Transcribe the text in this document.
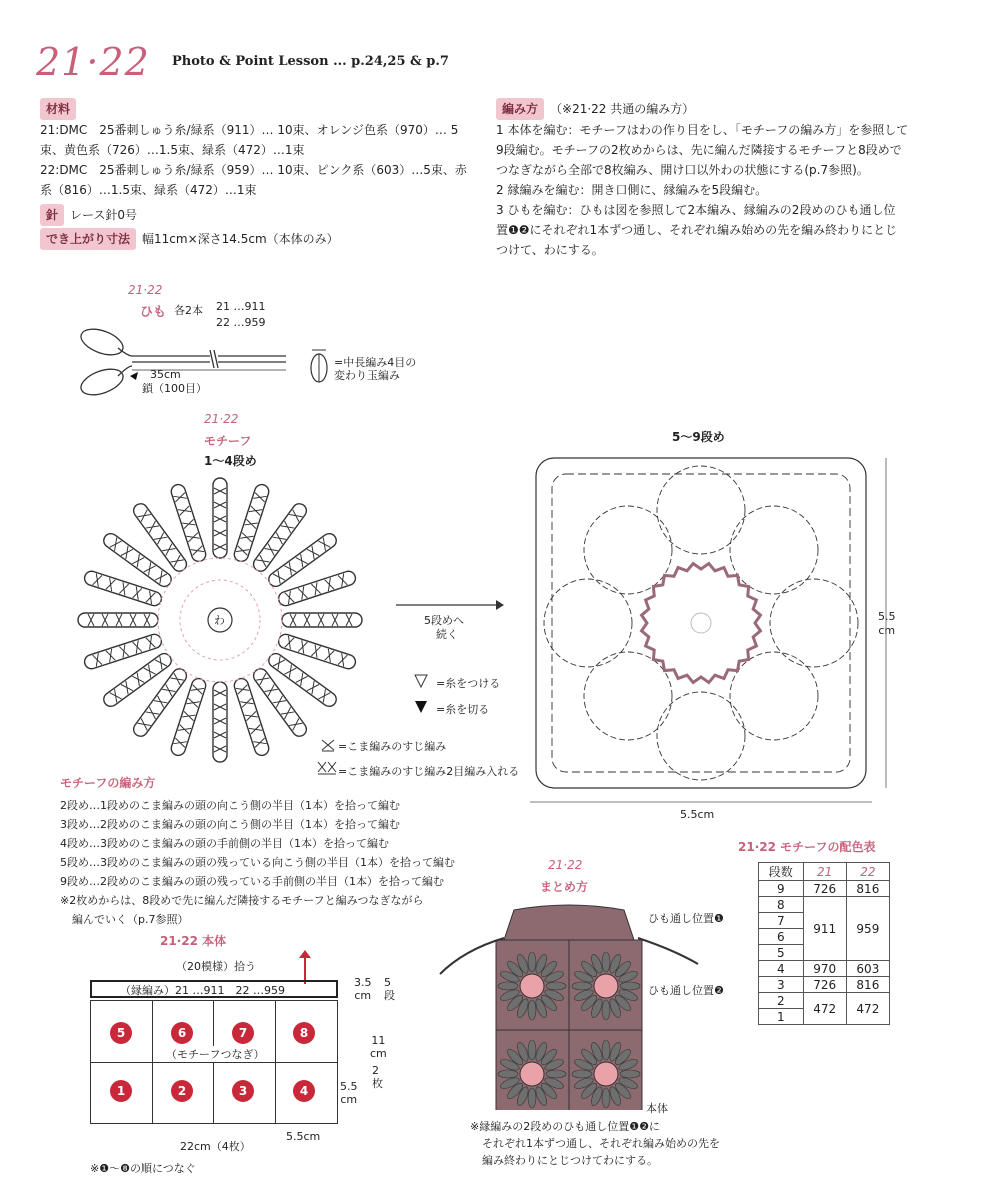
21·22 Photo & Point Lesson ... p.24,25 & p.7
材料
21:DMC　25番刺しゅう糸/緑系（911）… 10束、オレンジ色系（970）… 5
束、黄色系（726）…1.5束、緑系（472）…1束
22:DMC　25番刺しゅう糸/緑系（959）… 10束、ピンク系（603）…5束、赤
系（816）…1.5束、緑系（472）…1束
針 レース針0号
でき上がり寸法 幅11cm×深さ14.5cm（本体のみ）
編み方 （※21·22 共通の編み方）
1 本体を編む：モチーフはわの作り目をし、「モチーフの編み方」を参照して
9段編む。モチーフの2枚めからは、先に編んだ隣接するモチーフと8段めで
つなぎながら全部で8枚編み、開け口以外わの状態にする(p.7参照)。
2 縁編みを編む：開き口側に、縁編みを5段編む。
3 ひもを編む：ひもは図を参照して2本編み、縁編みの2段めのひも通し位
置❶❷にそれぞれ1本ずつ通し、それぞれ編み始めの先を編み終わりにとじ
つけて、わにする。
21·22
ひも 各2本 21 …911
22 …959
35cm
鎖（100目）
=中長編み4目の
変わり玉編み
21·22
モチーフ
1〜4段め
わ	5段めへ
続く
5〜9段め
5.5
cm
5.5cm
=糸をつける
=糸を切る
=こま編みのすじ編み
=こま編みのすじ編み2目編み入れる
モチーフの編み方
2段め…1段めのこま編みの頭の向こう側の半目（1本）を拾って編む
3段め…2段めのこま編みの頭の向こう側の半目（1本）を拾って編む
4段め…3段めのこま編みの頭の手前側の半目（1本）を拾って編む
5段め…3段めのこま編みの頭の残っている向こう側の半目（1本）を拾って編む
9段め…2段めのこま編みの頭の残っている手前側の半目（1本）を拾って編む
※2枚めからは、8段めで先に編んだ隣接するモチーフと編みつなぎながら
編んでいく（p.7参照）
21·22 モチーフの配色表
段数	21	22
9	726	816
8	911	959
7		
6		
5		
4	970	603
3	726	816
2	472	472
1		
21·22 本体
（20模様）拾う
（縁編み）21 …911　22 …959
5	6	7	8
（モチーフつなぎ）
1	2	3	4
3.5
cm
5
段
11
cm
2
枚
5.5
cm
22cm（4枚）
5.5cm
※❶〜❽の順につなぐ
21·22
まとめ方
ひも通し位置❶
ひも通し位置❷
本体
※縁編みの2段めのひも通し位置❶❷に
それぞれ1本ずつ通し、それぞれ編み始めの先を
編み終わりにとじつけてわにする。
